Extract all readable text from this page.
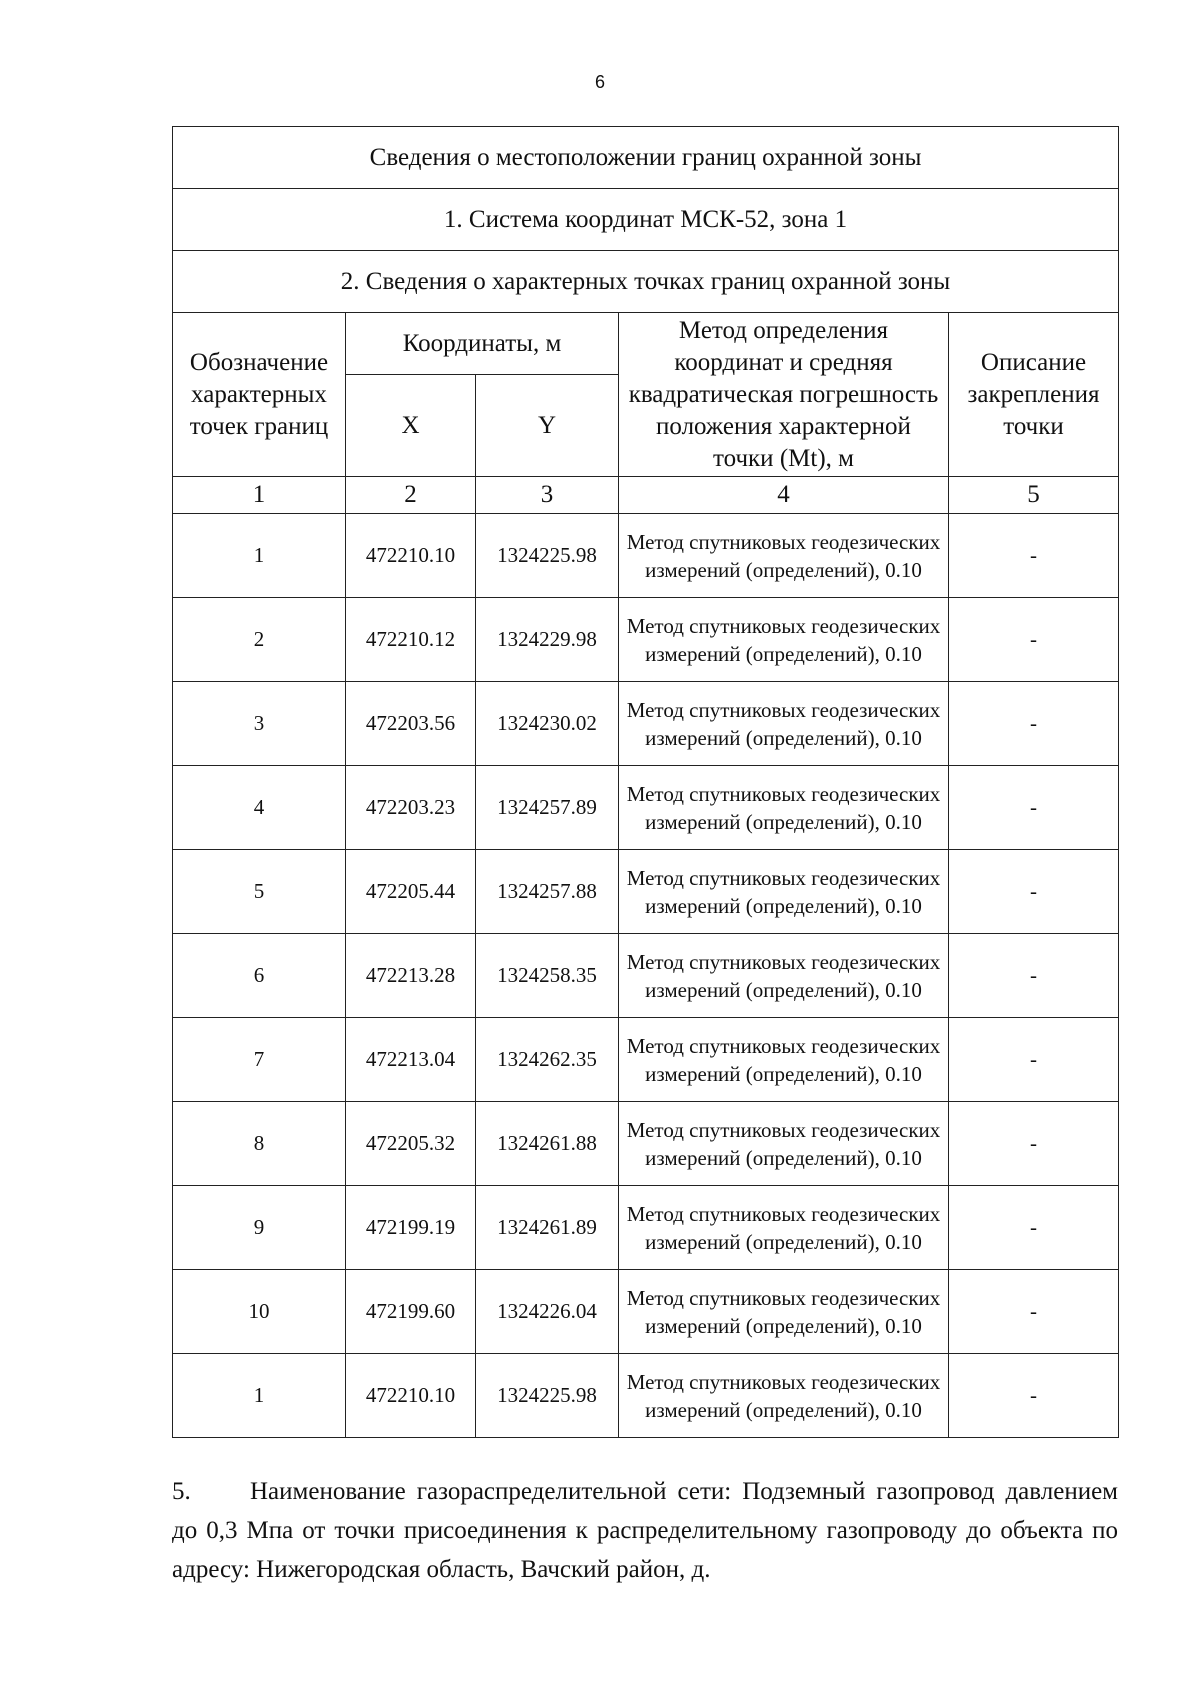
6
Сведения о местоположении границ охранной зоны				
1. Система координат МСК-52, зона 1				
2. Сведения о характерных точках границ охранной зоны				
Обозначение характерных точек границ	Координаты, м		Метод определения координат и средняя квадратическая погрешность положения характерной точки (Mt), м	Описание закрепления точки
	X	Y		
1	2	3	4	5
1	472210.10	1324225.98	Метод спутниковых геодезических измерений (определений), 0.10	-
2	472210.12	1324229.98	Метод спутниковых геодезических измерений (определений), 0.10	-
3	472203.56	1324230.02	Метод спутниковых геодезических измерений (определений), 0.10	-
4	472203.23	1324257.89	Метод спутниковых геодезических измерений (определений), 0.10	-
5	472205.44	1324257.88	Метод спутниковых геодезических измерений (определений), 0.10	-
6	472213.28	1324258.35	Метод спутниковых геодезических измерений (определений), 0.10	-
7	472213.04	1324262.35	Метод спутниковых геодезических измерений (определений), 0.10	-
8	472205.32	1324261.88	Метод спутниковых геодезических измерений (определений), 0.10	-
9	472199.19	1324261.89	Метод спутниковых геодезических измерений (определений), 0.10	-
10	472199.60	1324226.04	Метод спутниковых геодезических измерений (определений), 0.10	-
1	472210.10	1324225.98	Метод спутниковых геодезических измерений (определений), 0.10	-
5. Наименование газораспределительной сети: Подземный газопровод давлением до 0,3 Мпа от точки присоединения к распределительному газопроводу до объекта по адресу: Нижегородская область, Вачский район, д.
